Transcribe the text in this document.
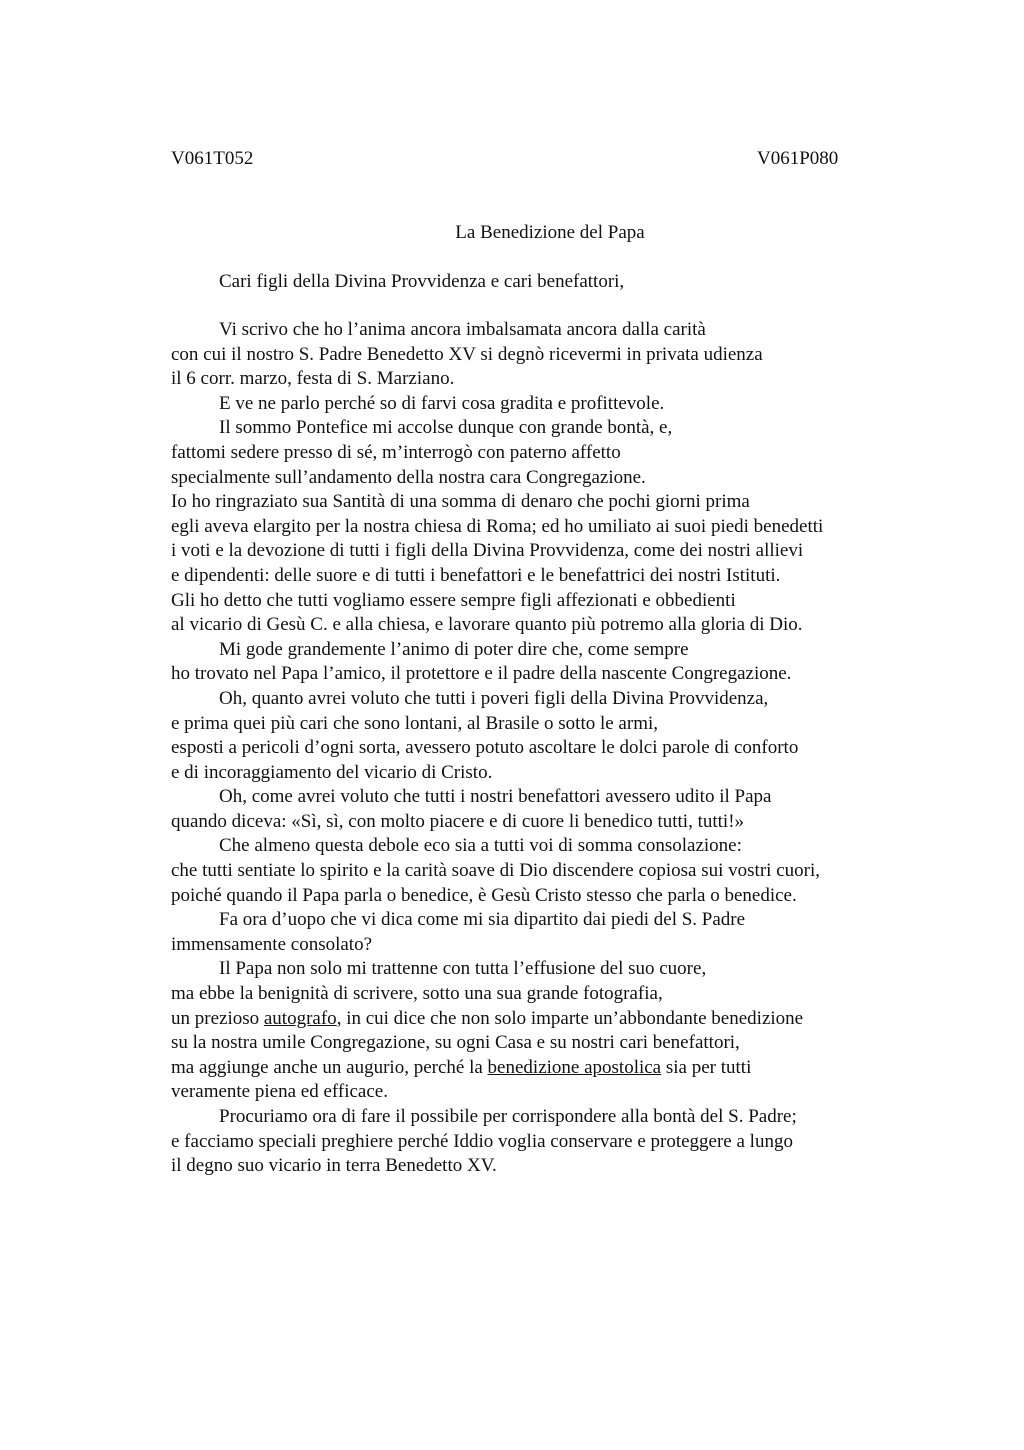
V061T052	V061P080
La Benedizione del Papa
Cari figli della Divina Provvidenza e cari benefattori,
Vi scrivo che ho l’anima ancora imbalsamata ancora dalla carità
con cui il nostro S. Padre Benedetto XV si degnò ricevermi in privata udienza
il 6 corr. marzo, festa di S. Marziano.
E ve ne parlo perché so di farvi cosa gradita e profittevole.
Il sommo Pontefice mi accolse dunque con grande bontà, e,
fattomi sedere presso di sé, m’interrogò con paterno affetto
specialmente sull’andamento della nostra cara Congregazione.
Io ho ringraziato sua Santità di una somma di denaro che pochi giorni prima
egli aveva elargito per la nostra chiesa di Roma; ed ho umiliato ai suoi piedi benedetti
i voti e la devozione di tutti i figli della Divina Provvidenza, come dei nostri allievi
e dipendenti: delle suore e di tutti i benefattori e le benefattrici dei nostri Istituti.
Gli ho detto che tutti vogliamo essere sempre figli affezionati e obbedienti
al vicario di Gesù C. e alla chiesa, e lavorare quanto più potremo alla gloria di Dio.
Mi gode grandemente l’animo di poter dire che, come sempre
ho trovato nel Papa l’amico, il protettore e il padre della nascente Congregazione.
Oh, quanto avrei voluto che tutti i poveri figli della Divina Provvidenza,
e prima quei più cari che sono lontani, al Brasile o sotto le armi,
esposti a pericoli d’ogni sorta, avessero potuto ascoltare le dolci parole di conforto
e di incoraggiamento del vicario di Cristo.
Oh, come avrei voluto che tutti i nostri benefattori avessero udito il Papa
quando diceva: «Sì, sì, con molto piacere e di cuore li benedico tutti, tutti!»
Che almeno questa debole eco sia a tutti voi di somma consolazione:
che tutti sentiate lo spirito e la carità soave di Dio discendere copiosa sui vostri cuori,
poiché quando il Papa parla o benedice, è Gesù Cristo stesso che parla o benedice.
Fa ora d’uopo che vi dica come mi sia dipartito dai piedi del S. Padre
immensamente consolato?
Il Papa non solo mi trattenne con tutta l’effusione del suo cuore,
ma ebbe la benignità di scrivere, sotto una sua grande fotografia,
un prezioso autografo, in cui dice che non solo imparte un’abbondante benedizione
su la nostra umile Congregazione, su ogni Casa e su nostri cari benefattori,
ma aggiunge anche un augurio, perché la benedizione apostolica sia per tutti
veramente piena ed efficace.
Procuriamo ora di fare il possibile per corrispondere alla bontà del S. Padre;
e facciamo speciali preghiere perché Iddio voglia conservare e proteggere a lungo
il degno suo vicario in terra Benedetto XV.
